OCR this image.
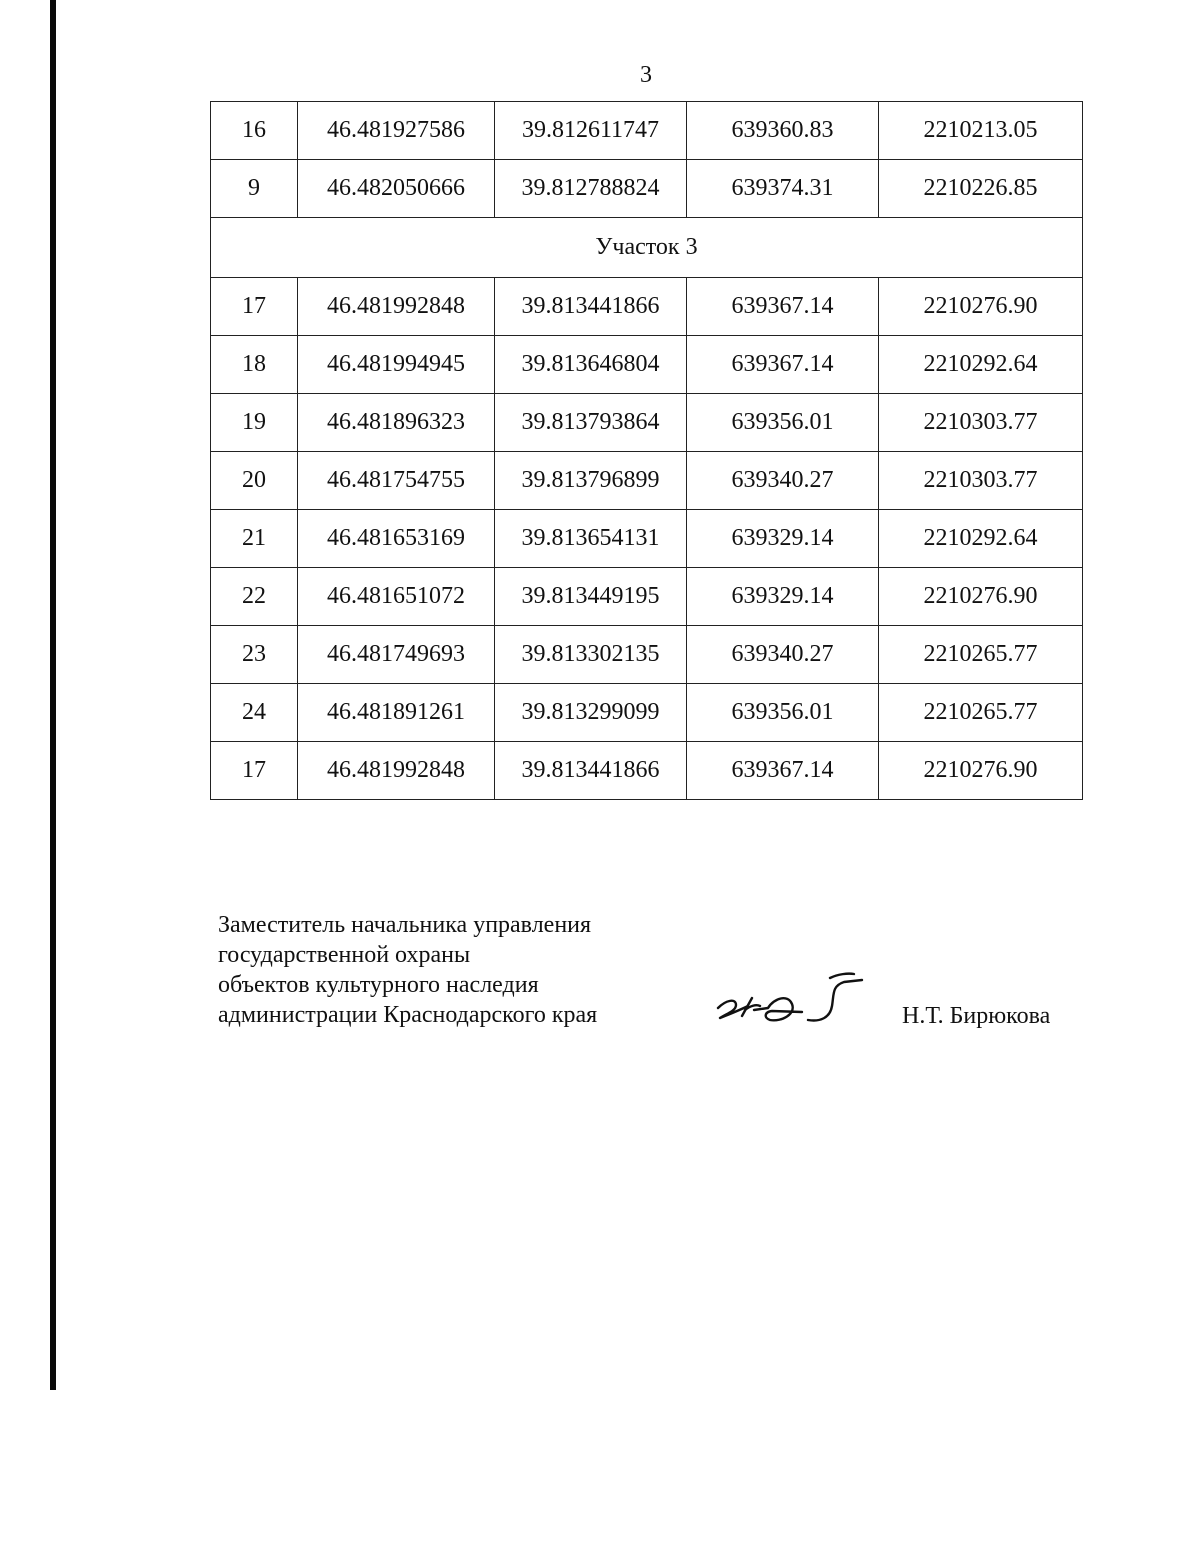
3
16	46.481927586	39.812611747	639360.83	2210213.05
9	46.482050666	39.812788824	639374.31	2210226.85
Участок 3				
17	46.481992848	39.813441866	639367.14	2210276.90
18	46.481994945	39.813646804	639367.14	2210292.64
19	46.481896323	39.813793864	639356.01	2210303.77
20	46.481754755	39.813796899	639340.27	2210303.77
21	46.481653169	39.813654131	639329.14	2210292.64
22	46.481651072	39.813449195	639329.14	2210276.90
23	46.481749693	39.813302135	639340.27	2210265.77
24	46.481891261	39.813299099	639356.01	2210265.77
17	46.481992848	39.813441866	639367.14	2210276.90
Заместитель начальника управления
государственной охраны
объектов культурного наследия
администрации Краснодарского края	Н.Т. Бирюкова
